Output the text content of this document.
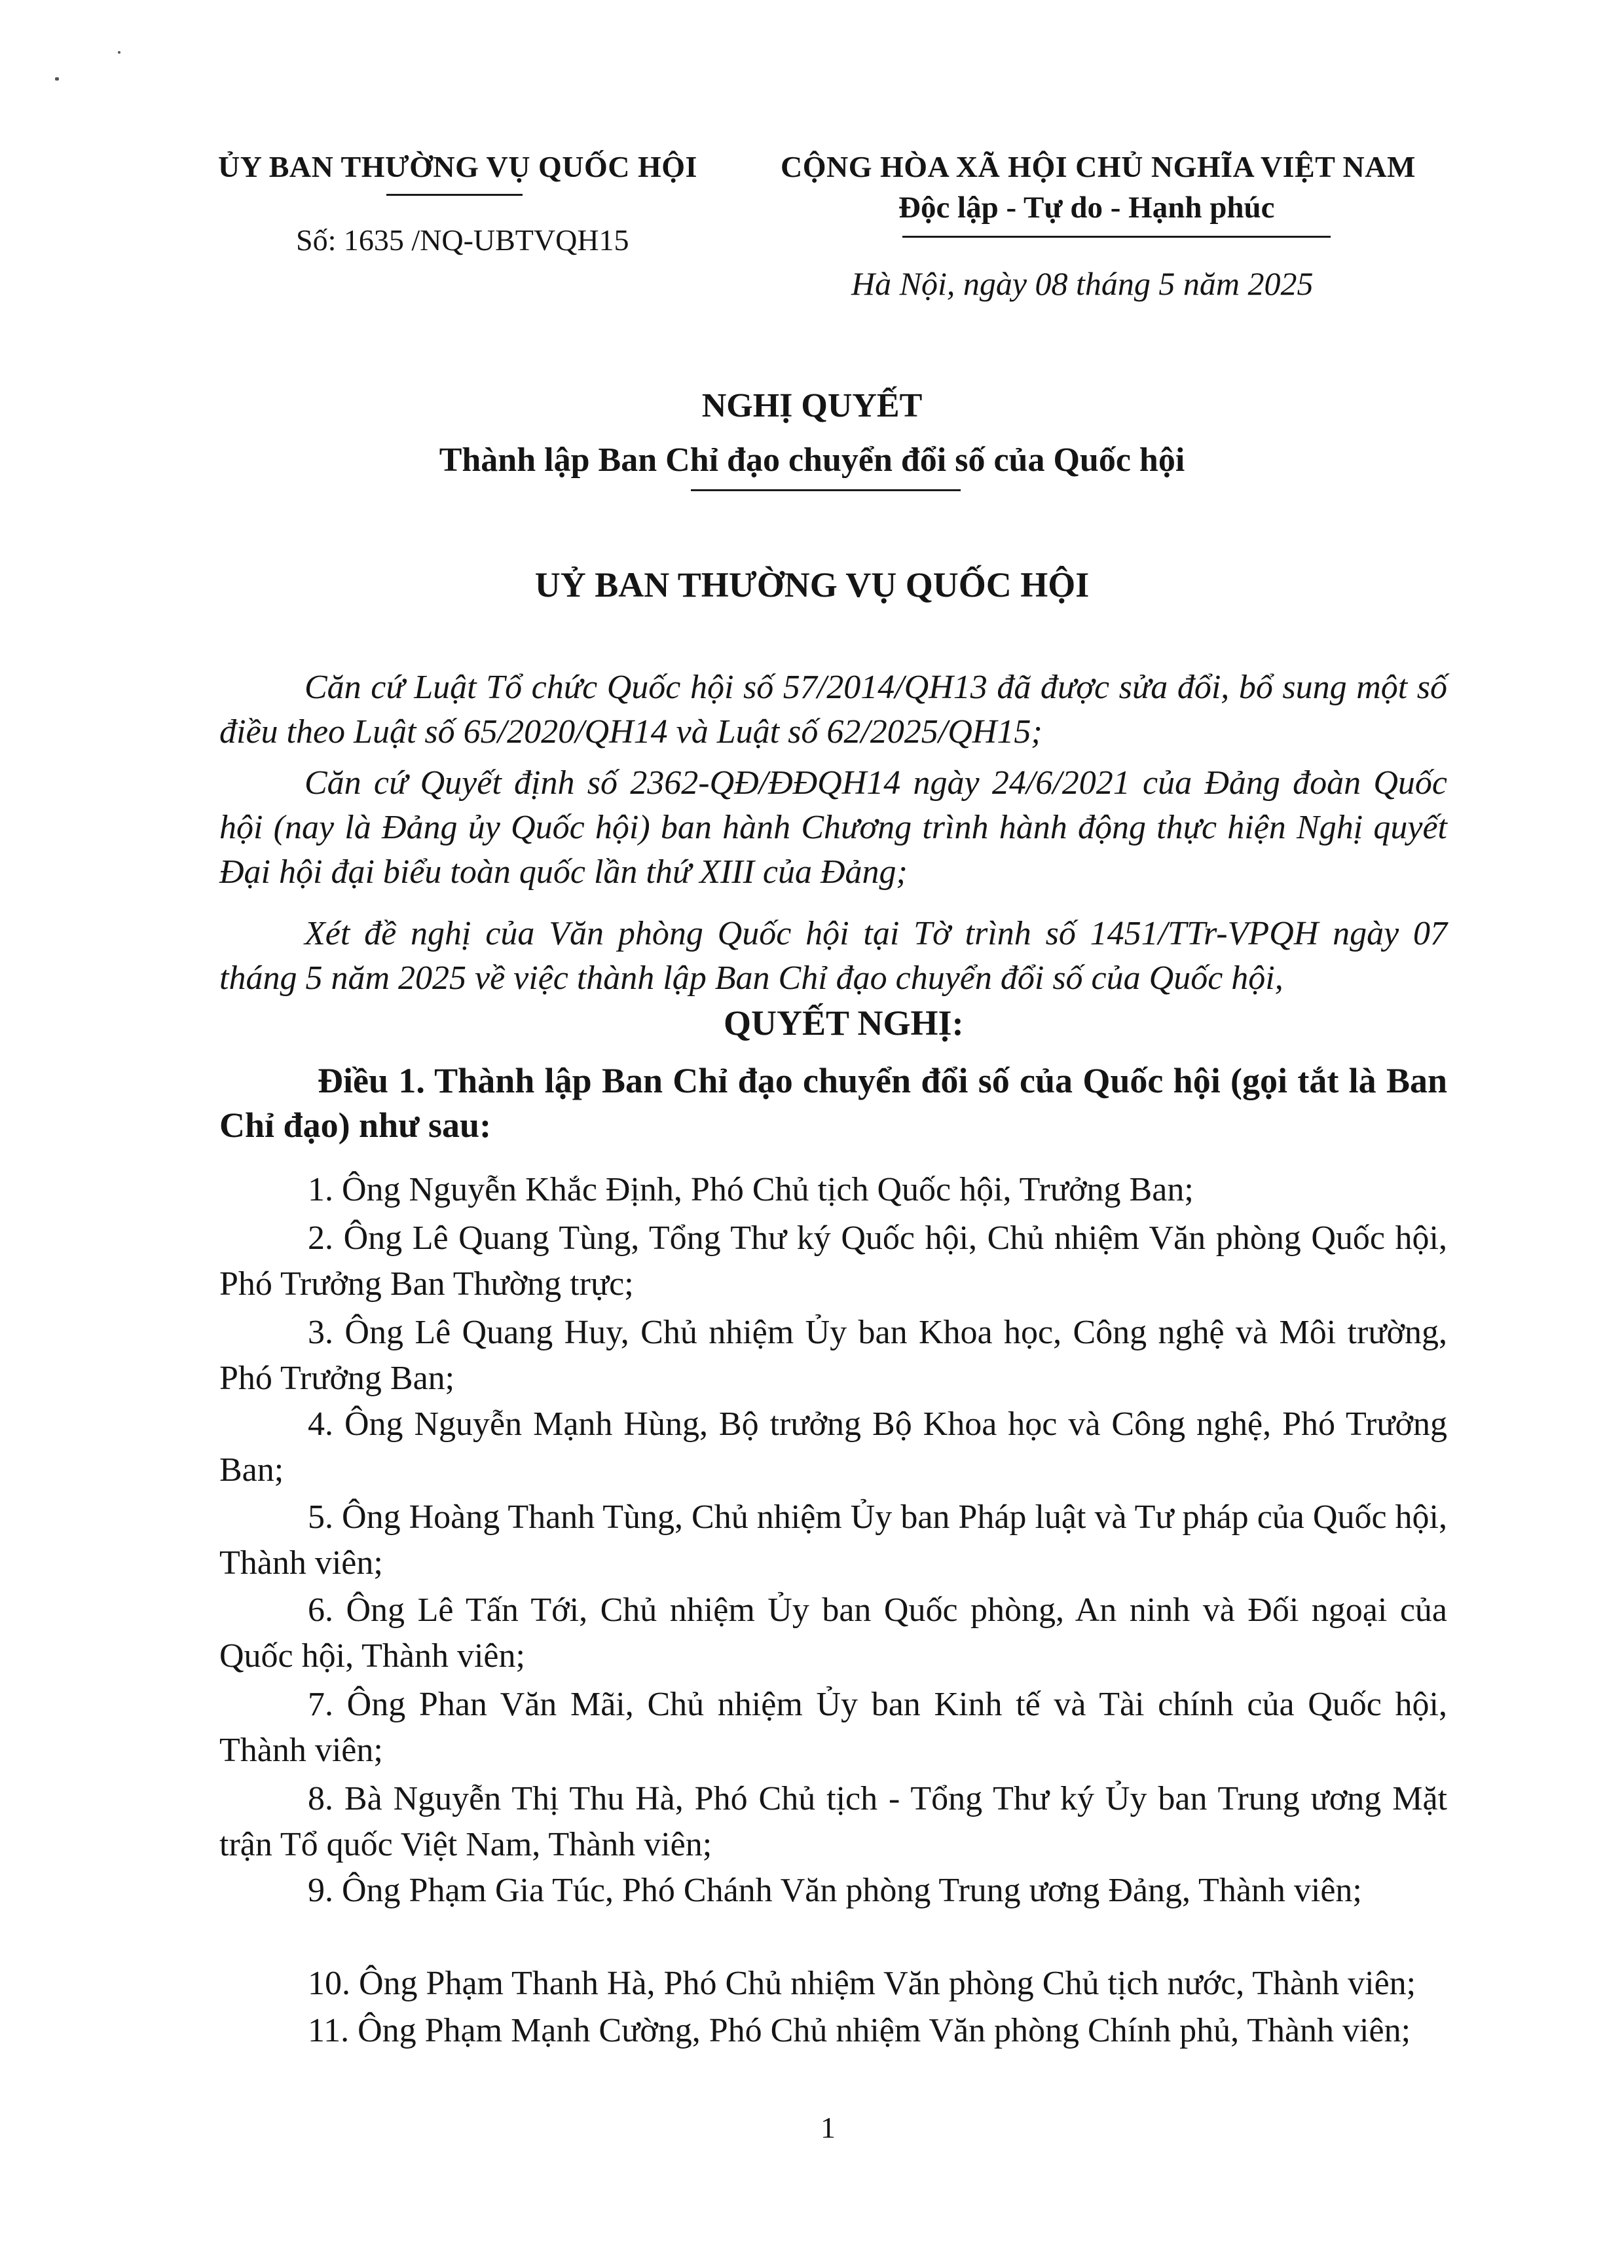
ỦY BAN THƯỜNG VỤ QUỐC HỘI
Số: 1635 /NQ-UBTVQH15
CỘNG HÒA XÃ HỘI CHỦ NGHĨA VIỆT NAM
Độc lập - Tự do - Hạnh phúc
Hà Nội, ngày 08 tháng 5 năm 2025
NGHỊ QUYẾT
Thành lập Ban Chỉ đạo chuyển đổi số của Quốc hội
UỶ BAN THƯỜNG VỤ QUỐC HỘI
Căn cứ Luật Tổ chức Quốc hội số 57/2014/QH13 đã được sửa đổi, bổ sung một số điều theo Luật số 65/2020/QH14 và Luật số 62/2025/QH15;
Căn cứ Quyết định số 2362-QĐ/ĐĐQH14 ngày 24/6/2021 của Đảng đoàn Quốc hội (nay là Đảng ủy Quốc hội) ban hành Chương trình hành động thực hiện Nghị quyết Đại hội đại biểu toàn quốc lần thứ XIII của Đảng;
Xét đề nghị của Văn phòng Quốc hội tại Tờ trình số 1451/TTr-VPQH ngày 07 tháng 5 năm 2025 về việc thành lập Ban Chỉ đạo chuyển đổi số của Quốc hội,
QUYẾT NGHỊ:
Điều 1. Thành lập Ban Chỉ đạo chuyển đổi số của Quốc hội (gọi tắt là Ban Chỉ đạo) như sau:
1. Ông Nguyễn Khắc Định, Phó Chủ tịch Quốc hội, Trưởng Ban;
2. Ông Lê Quang Tùng, Tổng Thư ký Quốc hội, Chủ nhiệm Văn phòng Quốc hội, Phó Trưởng Ban Thường trực;
3. Ông Lê Quang Huy, Chủ nhiệm Ủy ban Khoa học, Công nghệ và Môi trường, Phó Trưởng Ban;
4. Ông Nguyễn Mạnh Hùng, Bộ trưởng Bộ Khoa học và Công nghệ, Phó Trưởng Ban;
5. Ông Hoàng Thanh Tùng, Chủ nhiệm Ủy ban Pháp luật và Tư pháp của Quốc hội, Thành viên;
6. Ông Lê Tấn Tới, Chủ nhiệm Ủy ban Quốc phòng, An ninh và Đối ngoại của Quốc hội, Thành viên;
7. Ông Phan Văn Mãi, Chủ nhiệm Ủy ban Kinh tế và Tài chính của Quốc hội, Thành viên;
8. Bà Nguyễn Thị Thu Hà, Phó Chủ tịch - Tổng Thư ký Ủy ban Trung ương Mặt trận Tổ quốc Việt Nam, Thành viên;
9. Ông Phạm Gia Túc, Phó Chánh Văn phòng Trung ương Đảng, Thành viên;
10. Ông Phạm Thanh Hà, Phó Chủ nhiệm Văn phòng Chủ tịch nước, Thành viên;
11. Ông Phạm Mạnh Cường, Phó Chủ nhiệm Văn phòng Chính phủ, Thành viên;
1
